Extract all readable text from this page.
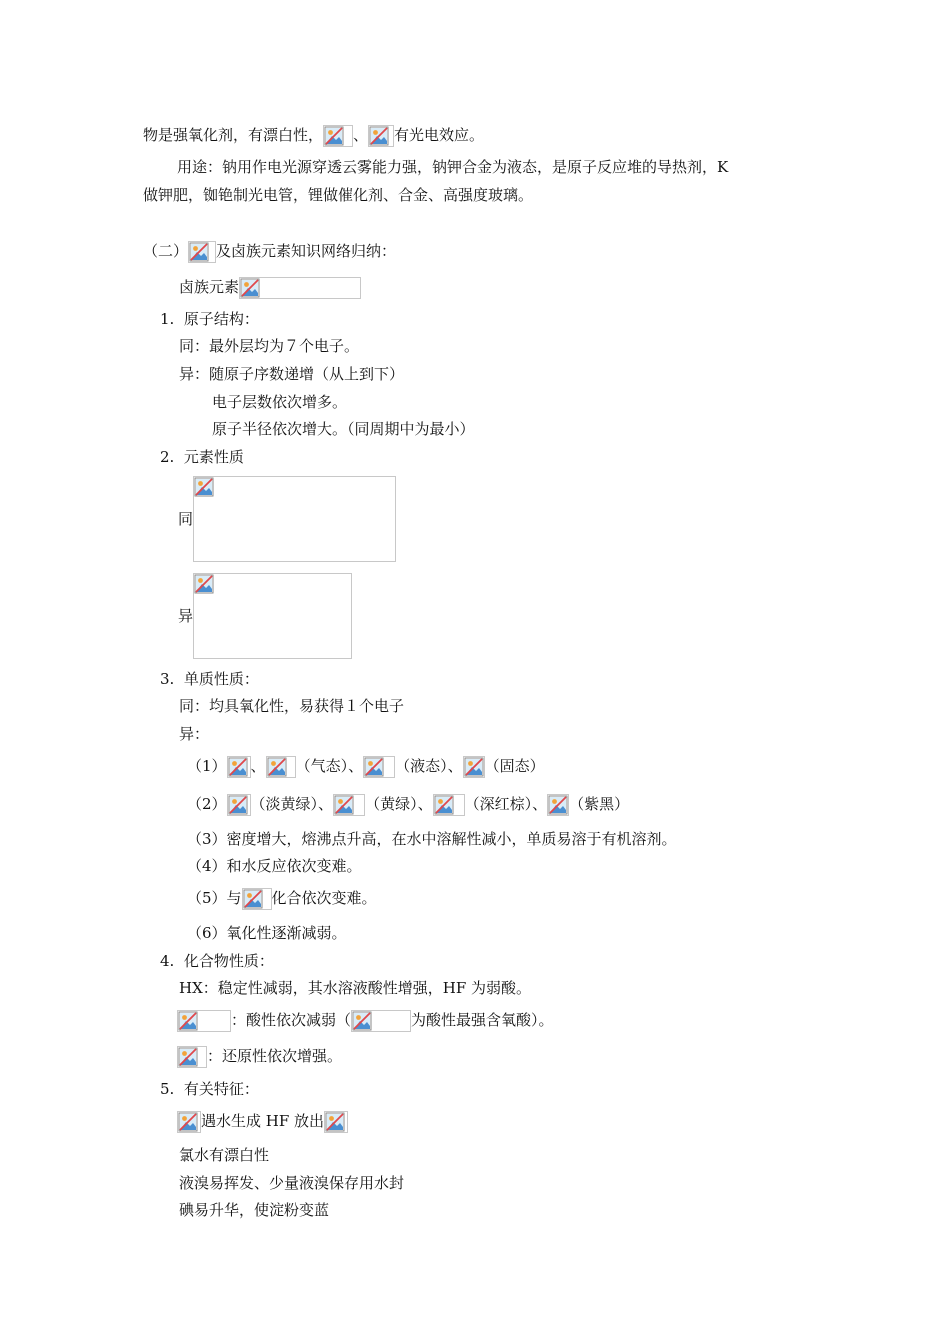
物是强氧化剂，有漂白性， 、 有光电效应。
用途：钠用作电光源穿透云雾能力强，钠钾合金为液态，是原子反应堆的导热剂，K
做钾肥，铷铯制光电管，锂做催化剂、合金、高强度玻璃。
（二） 及卤族元素知识网络归纳：
卤族元素
1. 原子结构：
同：最外层均为７个电子。
异：随原子序数递增（从上到下）
电子层数依次增多。
原子半径依次增大。（同周期中为最小）
2. 元素性质
同
异
3. 单质性质：
同：均具氧化性，易获得１个电子
异：
（1） 、 （气态）、 （液态）、 （固态）
（2） （淡黄绿）、 （黄绿）、 （深红棕）、 （紫黑）
（3）密度增大，熔沸点升高，在水中溶解性减小，单质易溶于有机溶剂。
（4）和水反应依次变难。
（5）与 化合依次变难。
（6）氧化性逐渐减弱。
4. 化合物性质：
HX：稳定性减弱，其水溶液酸性增强，HF 为弱酸。
：酸性依次减弱（	为酸性最强含氧酸）。
：还原性依次增强。
5. 有关特征：
遇水生成 HF 放出
氯水有漂白性
液溴易挥发、少量液溴保存用水封
碘易升华，使淀粉变蓝
